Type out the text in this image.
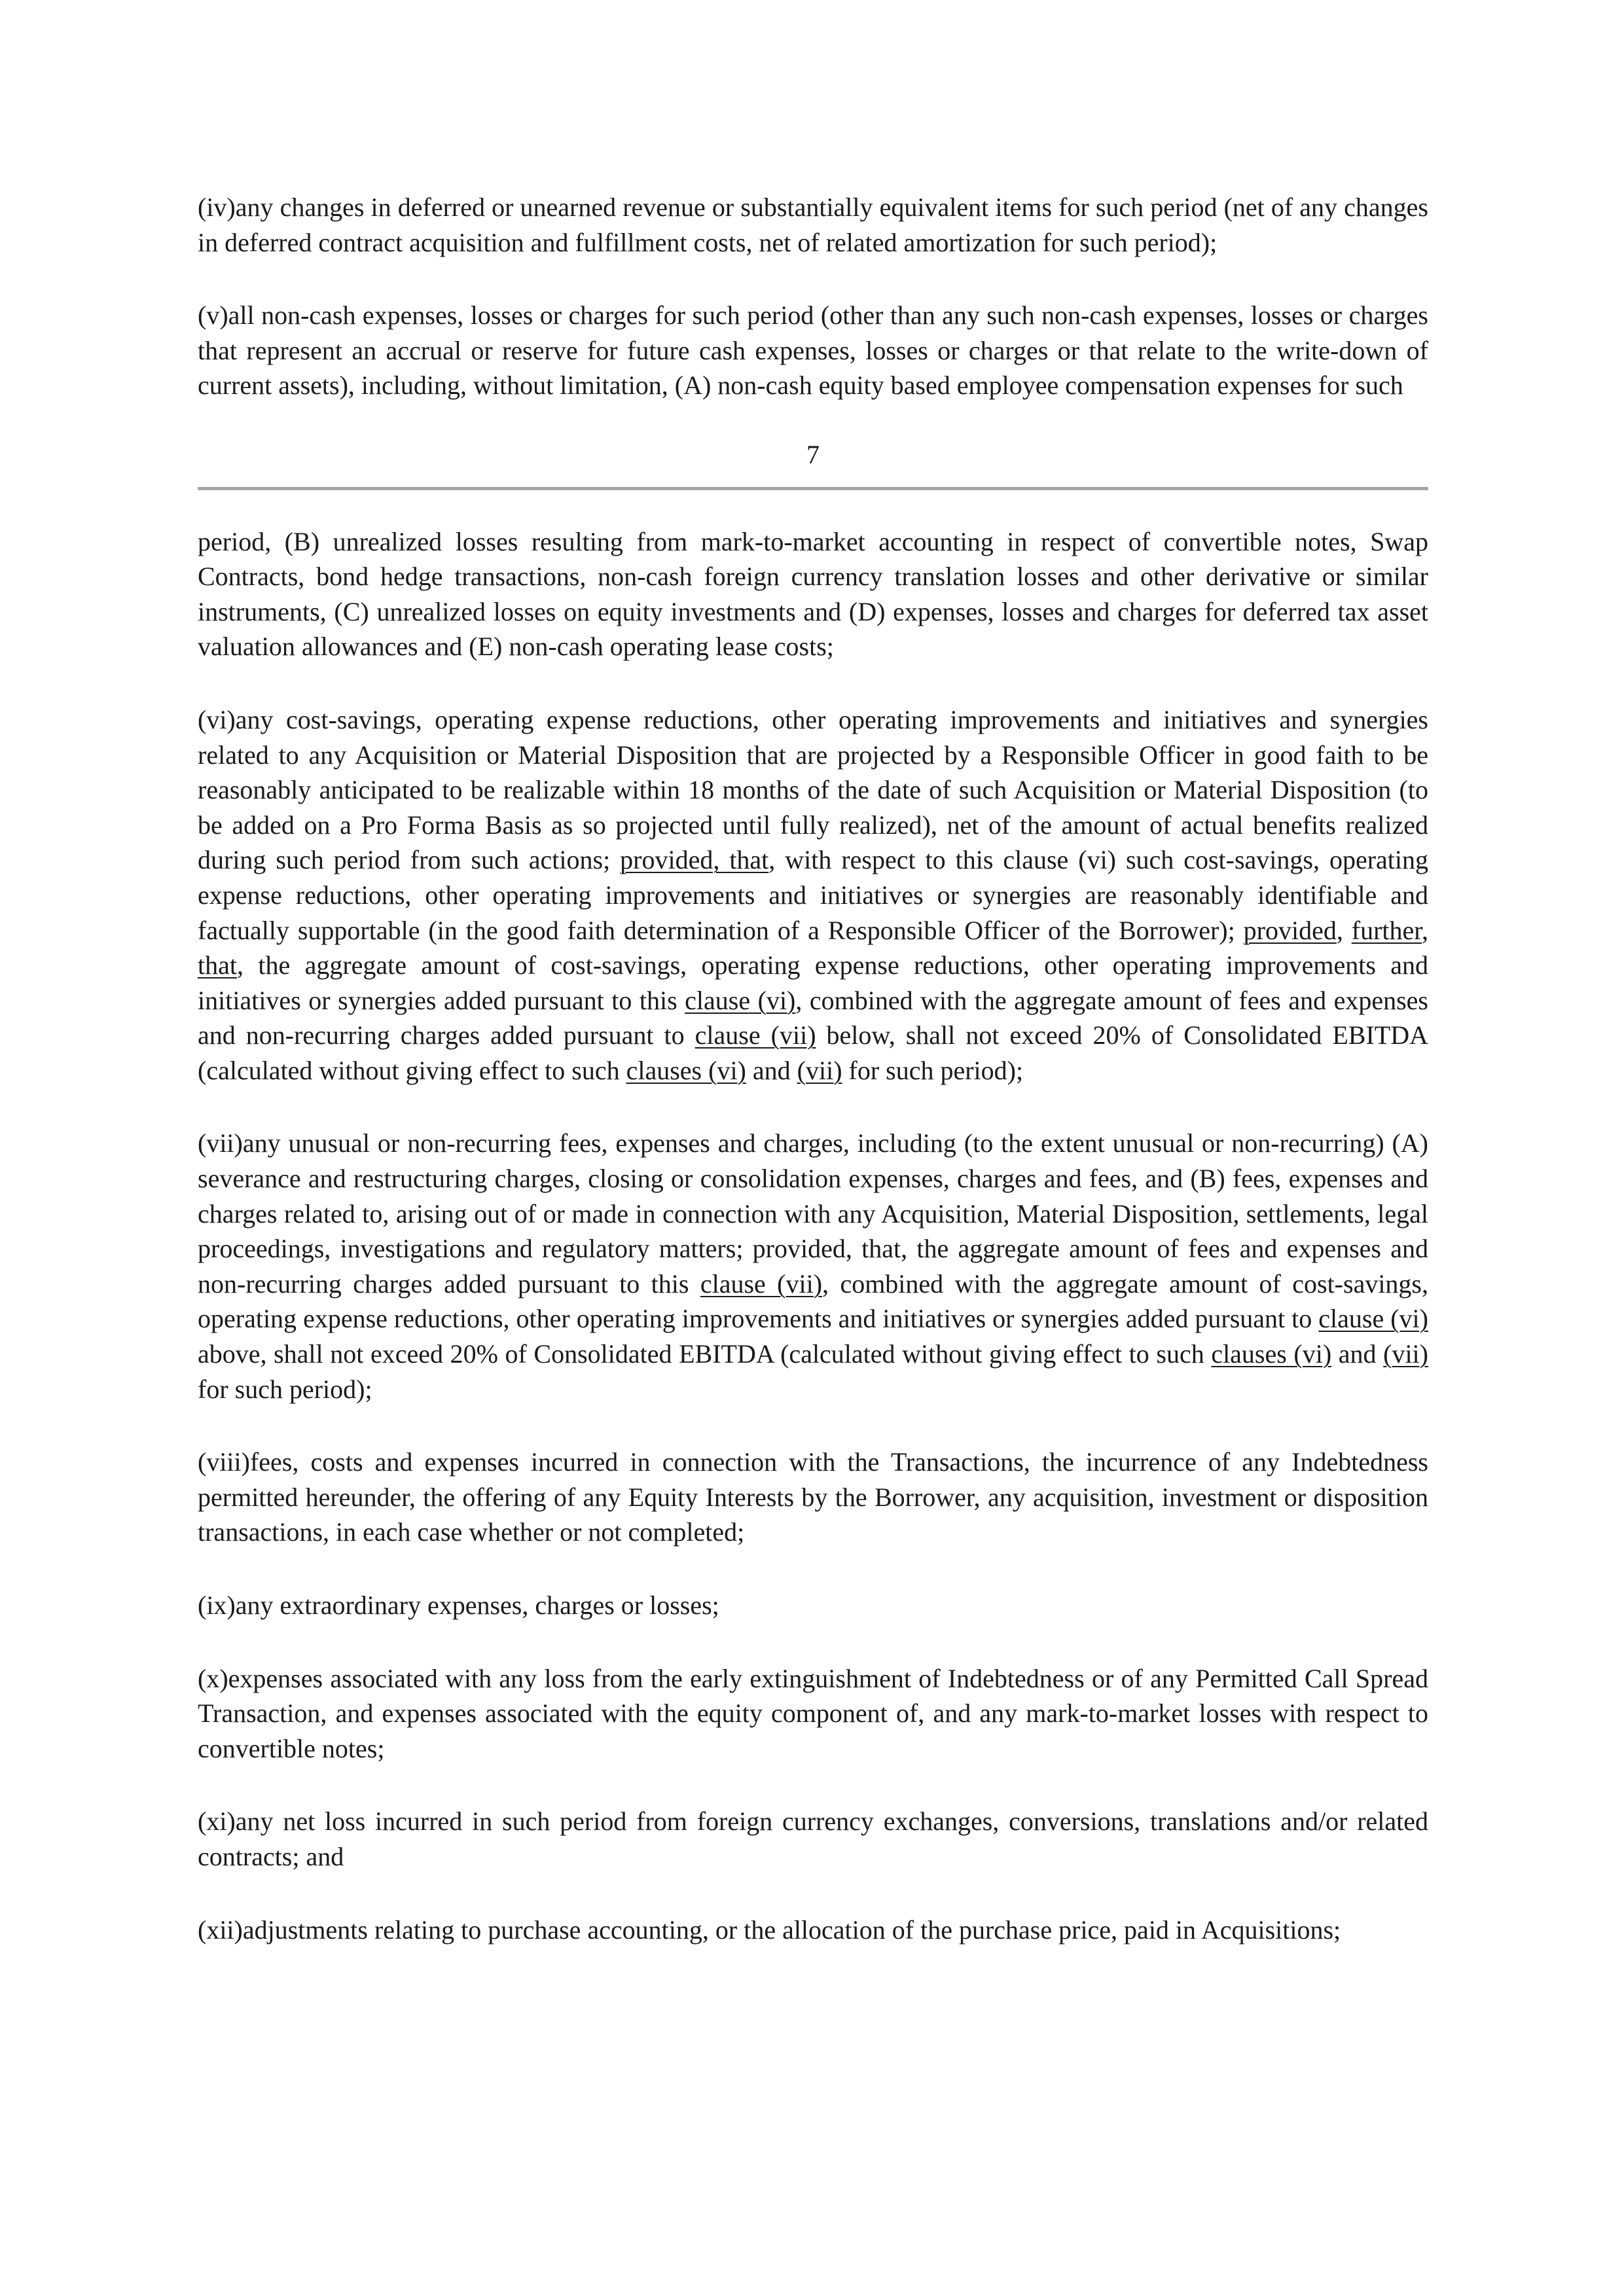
(iv)any changes in deferred or unearned revenue or substantially equivalent items for such period (net of any changes in deferred contract acquisition and fulfillment costs, net of related amortization for such period);

(v)all non-cash expenses, losses or charges for such period (other than any such non-cash expenses, losses or charges that represent an accrual or reserve for future cash expenses, losses or charges or that relate to the write-down of current assets), including, without limitation, (A) non-cash equity based employee compensation expenses for such

7

period, (B) unrealized losses resulting from mark-to-market accounting in respect of convertible notes, Swap Contracts, bond hedge transactions, non-cash foreign currency translation losses and other derivative or similar instruments, (C) unrealized losses on equity investments and (D) expenses, losses and charges for deferred tax asset valuation allowances and (E) non-cash operating lease costs;

(vi)any cost-savings, operating expense reductions, other operating improvements and initiatives and synergies related to any Acquisition or Material Disposition that are projected by a Responsible Officer in good faith to be reasonably anticipated to be realizable within 18 months of the date of such Acquisition or Material Disposition (to be added on a Pro Forma Basis as so projected until fully realized), net of the amount of actual benefits realized during such period from such actions; provided, that, with respect to this clause (vi) such cost-savings, operating expense reductions, other operating improvements and initiatives or synergies are reasonably identifiable and factually supportable (in the good faith determination of a Responsible Officer of the Borrower); provided, further, that, the aggregate amount of cost-savings, operating expense reductions, other operating improvements and initiatives or synergies added pursuant to this clause (vi), combined with the aggregate amount of fees and expenses and non-recurring charges added pursuant to clause (vii) below, shall not exceed 20% of Consolidated EBITDA (calculated without giving effect to such clauses (vi) and (vii) for such period);

(vii)any unusual or non-recurring fees, expenses and charges, including (to the extent unusual or non-recurring) (A) severance and restructuring charges, closing or consolidation expenses, charges and fees, and (B) fees, expenses and charges related to, arising out of or made in connection with any Acquisition, Material Disposition, settlements, legal proceedings, investigations and regulatory matters; provided, that, the aggregate amount of fees and expenses and non-recurring charges added pursuant to this clause (vii), combined with the aggregate amount of cost-savings, operating expense reductions, other operating improvements and initiatives or synergies added pursuant to clause (vi) above, shall not exceed 20% of Consolidated EBITDA (calculated without giving effect to such clauses (vi) and (vii) for such period);

(viii)fees, costs and expenses incurred in connection with the Transactions, the incurrence of any Indebtedness permitted hereunder, the offering of any Equity Interests by the Borrower, any acquisition, investment or disposition transactions, in each case whether or not completed;

(ix)any extraordinary expenses, charges or losses;

(x)expenses associated with any loss from the early extinguishment of Indebtedness or of any Permitted Call Spread Transaction, and expenses associated with the equity component of, and any mark-to-market losses with respect to convertible notes;

(xi)any net loss incurred in such period from foreign currency exchanges, conversions, translations and/or related contracts; and

(xii)adjustments relating to purchase accounting, or the allocation of the purchase price, paid in Acquisitions;
